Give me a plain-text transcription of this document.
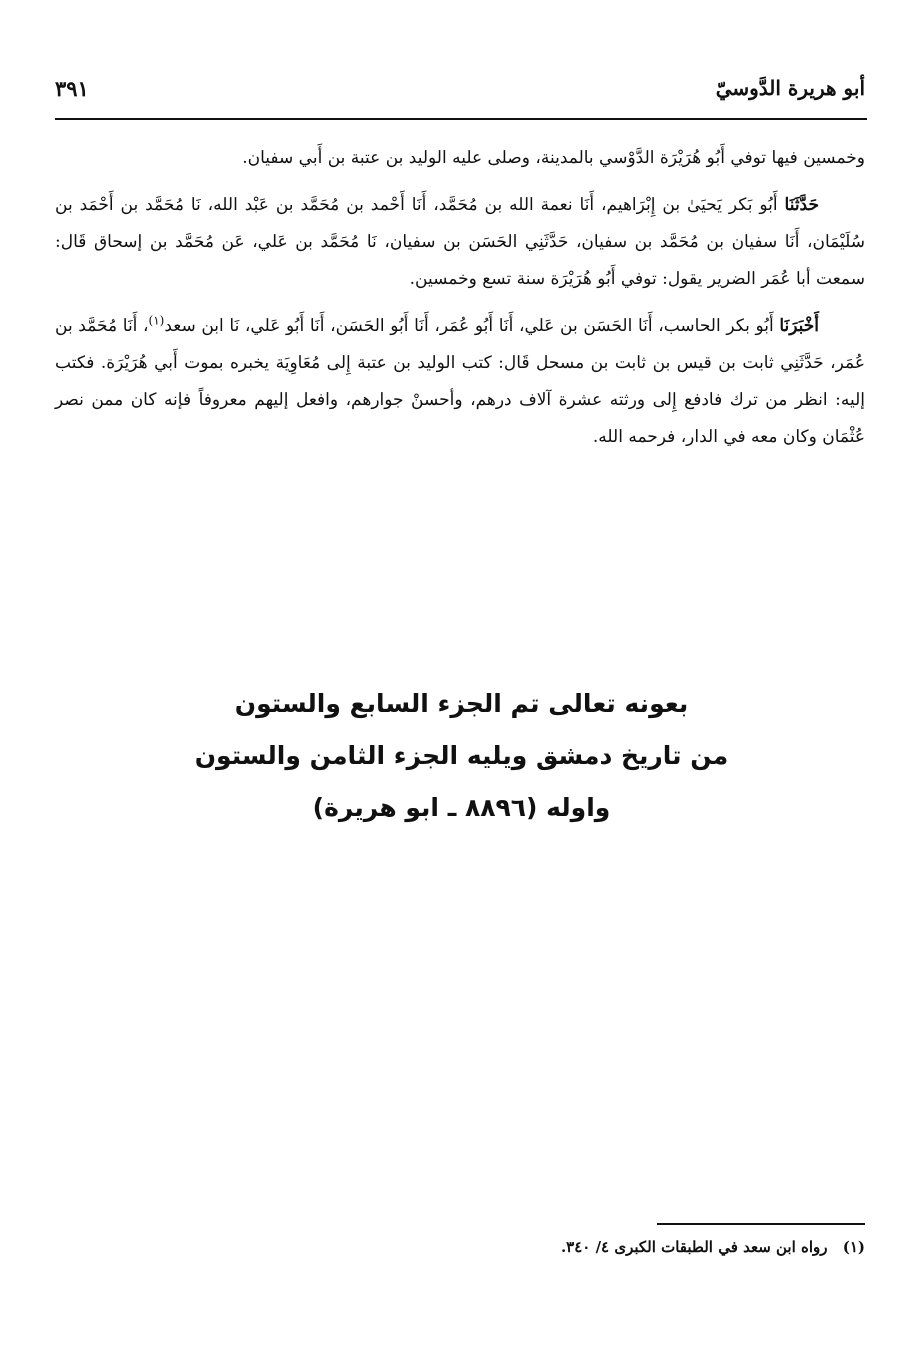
أبو هريرة الدَّوسيّ
٣٩١

وخمسين فيها توفي أَبُو هُرَيْرَة الدَّوْسي بالمدينة، وصلى عليه الوليد بن عتبة بن أَبي سفيان.

حَدَّثَنَا أَبُو بَكر يَحيَىٰ بن إِبْرَاهيم، أَنَا نعمة الله بن مُحَمَّد، أَنَا أَحْمد بن مُحَمَّد بن عَبْد الله، نَا مُحَمَّد بن أَحْمَد بن سُلَيْمَان، أَنَا سفيان بن مُحَمَّد بن سفيان، حَدَّثَنِي الحَسَن بن سفيان، نَا مُحَمَّد بن عَلي، عَن مُحَمَّد بن إسحاق قَال: سمعت أبا عُمَر الضرير يقول: توفي أَبُو هُرَيْرَة سنة تسع وخمسين.

أَخْبَرَنَا أَبُو بكر الحاسب، أَنَا الحَسَن بن عَلي، أَنَا أَبُو عُمَر، أَنَا أَبُو الحَسَن، أَنَا أَبُو عَلي، نَا ابن سعد$^{(١)}$، أَنَا مُحَمَّد بن عُمَر، حَدَّثَنِي ثابت بن قيس بن ثابت بن مسحل قَال: كتب الوليد بن عتبة إِلى مُعَاوِيَة يخبره بموت أَبي هُرَيْرَة. فكتب إليه: انظر من ترك فادفع إِلى ورثته عشرة آلاف درهم، وأحسنْ جوارهم، وافعل إليهم معروفاً فإنه كان ممن نصر عُثْمَان وكان معه في الدار، فرحمه الله.

بعونه تعالى تم الجزء السابع والستون
من تاريخ دمشق ويليه الجزء الثامن والستون
واوله (٨٨٩٦ ـ ابو هريرة)
(١) رواه ابن سعد في الطبقات الكبرى ٤/ ٣٤٠.
